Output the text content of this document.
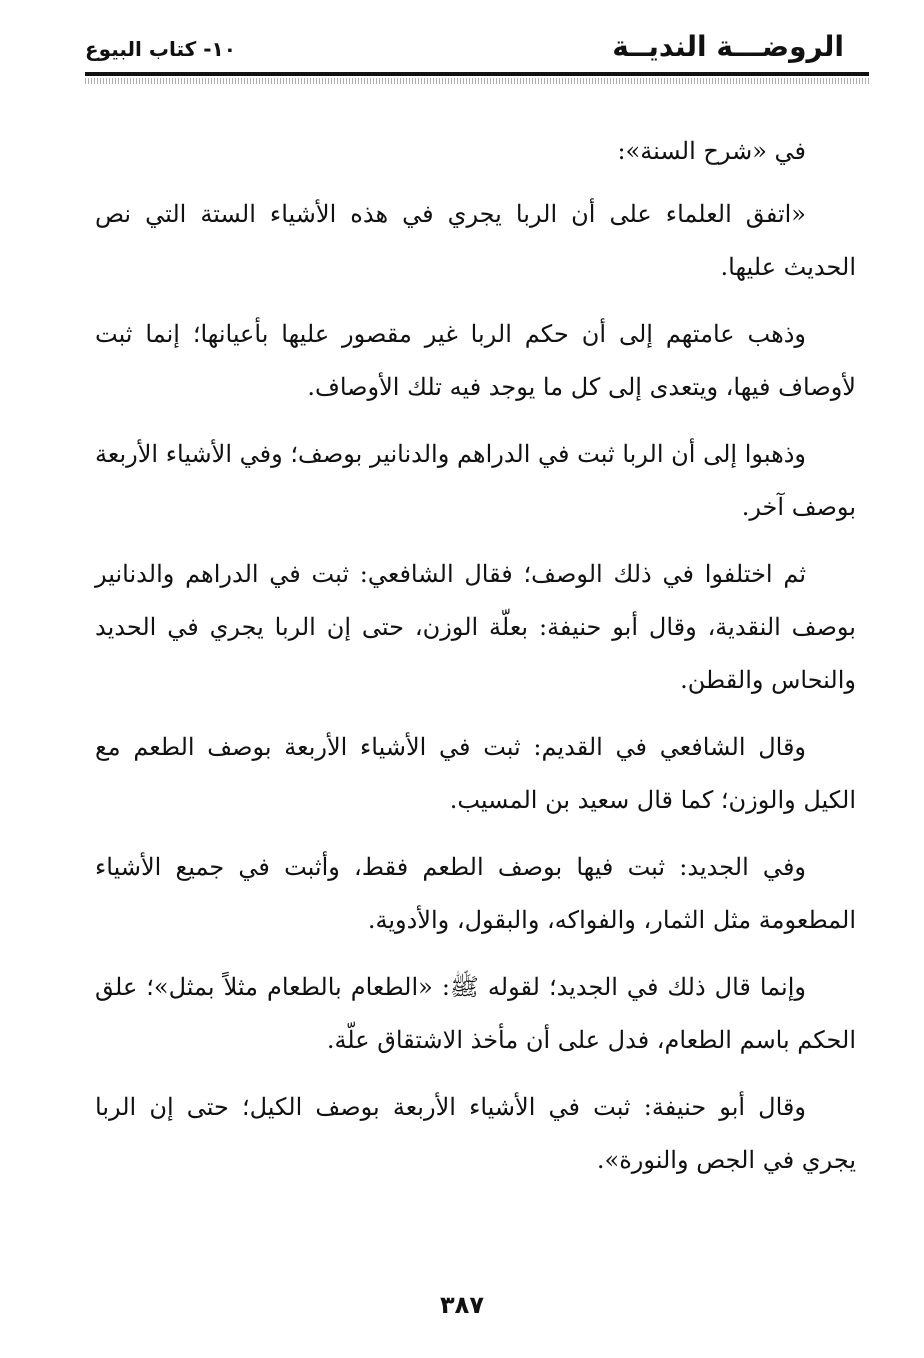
الروضـــة النديــة
١٠- كتاب البيوع

في «شرح السنة»:

«اتفق العلماء على أن الربا يجري في هذه الأشياء الستة التي نص الحديث عليها.

وذهب عامتهم إلى أن حكم الربا غير مقصور عليها بأعيانها؛ إنما ثبت لأوصاف فيها، ويتعدى إلى كل ما يوجد فيه تلك الأوصاف.

وذهبوا إلى أن الربا ثبت في الدراهم والدنانير بوصف؛ وفي الأشياء الأربعة بوصف آخر.

ثم اختلفوا في ذلك الوصف؛ فقال الشافعي: ثبت في الدراهم والدنانير بوصف النقدية، وقال أبو حنيفة: بعلّة الوزن، حتى إن الربا يجري في الحديد والنحاس والقطن.

وقال الشافعي في القديم: ثبت في الأشياء الأربعة بوصف الطعم مع الكيل والوزن؛ كما قال سعيد بن المسيب.

وفي الجديد: ثبت فيها بوصف الطعم فقط، وأثبت في جميع الأشياء المطعومة مثل الثمار، والفواكه، والبقول، والأدوية.

وإنما قال ذلك في الجديد؛ لقوله ﷺ: «الطعام بالطعام مثلاً بمثل»؛ علق الحكم باسم الطعام، فدل على أن مأخذ الاشتقاق علّة.

وقال أبو حنيفة: ثبت في الأشياء الأربعة بوصف الكيل؛ حتى إن الربا يجري في الجص والنورة».

٣٨٧
